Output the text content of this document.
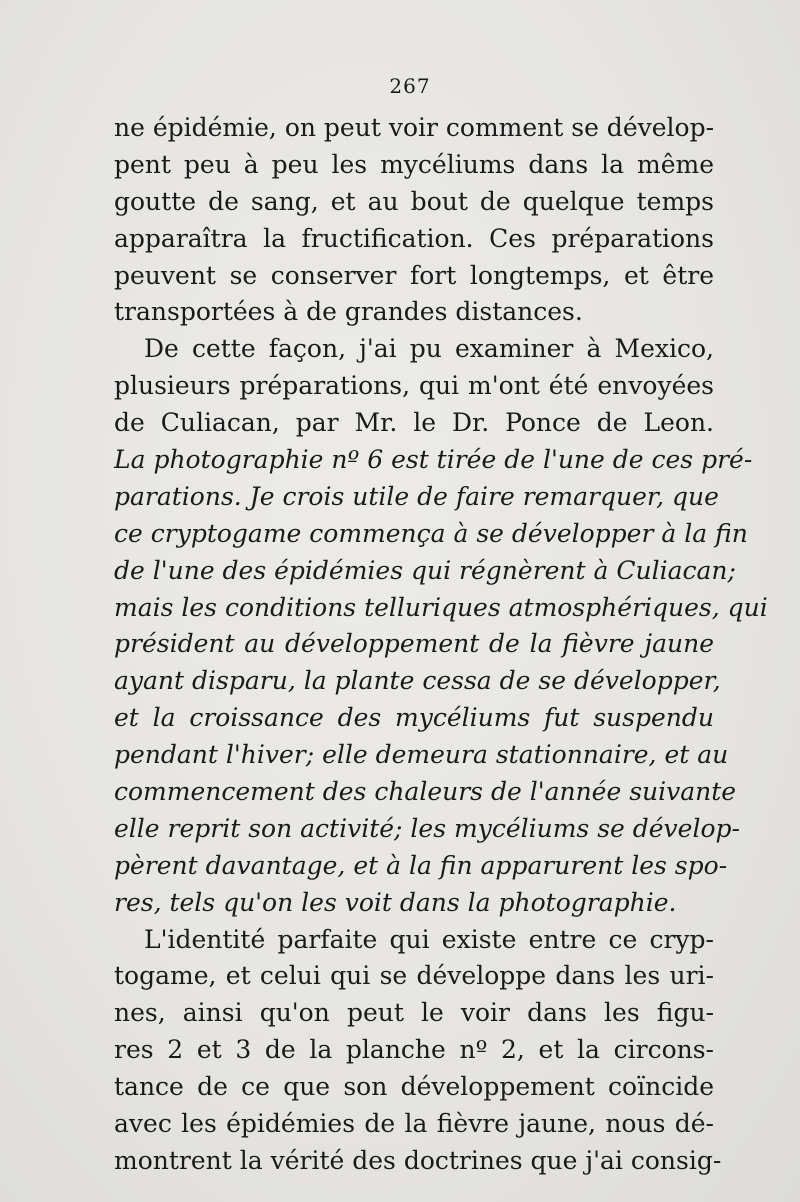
267
ne épidémie, on peut voir comment se dévelop-
pent peu à peu les mycéliums dans la même
goutte de sang, et au bout de quelque temps
apparaîtra la fructification. Ces préparations
peuvent se conserver fort longtemps, et être
transportées à de grandes distances.
De cette façon, j'ai pu examiner à Mexico,
plusieurs préparations, qui m'ont été envoyées
de Culiacan, par Mr. le Dr. Ponce de Leon.
La photographie nº 6 est tirée de l'une de ces pré-
parations. Je crois utile de faire remarquer, que
ce cryptogame commença à se développer à la fin
de l'une des épidémies qui régnèrent à Culiacan;
mais les conditions telluriques atmosphériques, qui
président au développement de la fièvre jaune
ayant disparu, la plante cessa de se développer,
et la croissance des mycéliums fut suspendu
pendant l'hiver; elle demeura stationnaire, et au
commencement des chaleurs de l'année suivante
elle reprit son activité; les mycéliums se dévelop-
pèrent davantage, et à la fin apparurent les spo-
res, tels qu'on les voit dans la photographie.
L'identité parfaite qui existe entre ce cryp-
togame, et celui qui se développe dans les uri-
nes, ainsi qu'on peut le voir dans les figu-
res 2 et 3 de la planche nº 2, et la circons-
tance de ce que son développement coïncide
avec les épidémies de la fièvre jaune, nous dé-
montrent la vérité des doctrines que j'ai consig-
